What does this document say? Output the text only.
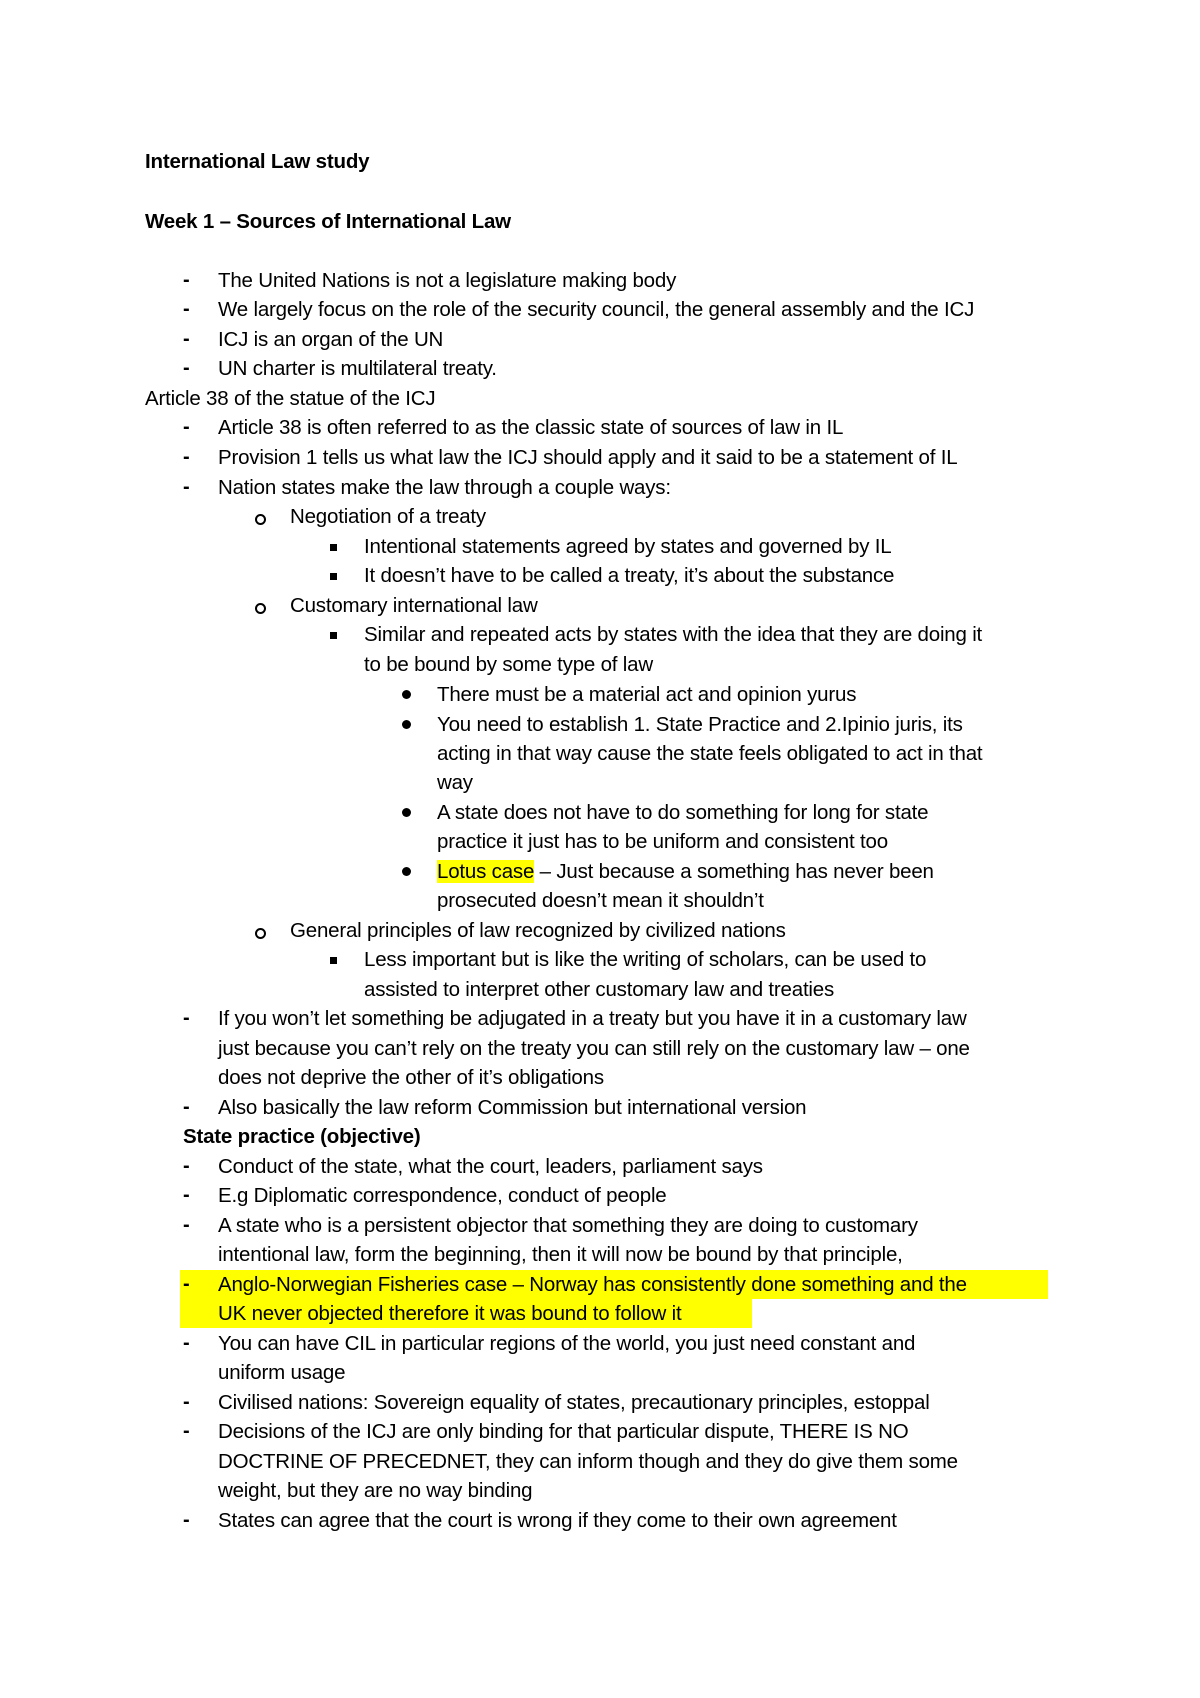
International Law study
Week 1 – Sources of International Law
- The United Nations is not a legislature making body
- We largely focus on the role of the security council, the general assembly and the ICJ
- ICJ is an organ of the UN
- UN charter is multilateral treaty.
Article 38 of the statue of the ICJ
- Article 38 is often referred to as the classic state of sources of law in IL
- Provision 1 tells us what law the ICJ should apply and it said to be a statement of IL
- Nation states make the law through a couple ways:
Negotiation of a treaty
Intentional statements agreed by states and governed by IL
It doesn’t have to be called a treaty, it’s about the substance
Customary international law
Similar and repeated acts by states with the idea that they are doing it
to be bound by some type of law
There must be a material act and opinion yurus
You need to establish 1. State Practice and 2.Ipinio juris, its
acting in that way cause the state feels obligated to act in that
way
A state does not have to do something for long for state
practice it just has to be uniform and consistent too
Lotus case – Just because a something has never been
prosecuted doesn’t mean it shouldn’t
General principles of law recognized by civilized nations
Less important but is like the writing of scholars, can be used to
assisted to interpret other customary law and treaties
- If you won’t let something be adjugated in a treaty but you have it in a customary law
just because you can’t rely on the treaty you can still rely on the customary law – one
does not deprive the other of it’s obligations
- Also basically the law reform Commission but international version
State practice (objective)
- Conduct of the state, what the court, leaders, parliament says
- E.g Diplomatic correspondence, conduct of people
- A state who is a persistent objector that something they are doing to customary
intentional law, form the beginning, then it will now be bound by that principle,
- Anglo-Norwegian Fisheries case – Norway has consistently done something and the
UK never objected therefore it was bound to follow it
- You can have CIL in particular regions of the world, you just need constant and
uniform usage
- Civilised nations: Sovereign equality of states, precautionary principles, estoppal
- Decisions of the ICJ are only binding for that particular dispute, THERE IS NO
DOCTRINE OF PRECEDNET, they can inform though and they do give them some
weight, but they are no way binding
- States can agree that the court is wrong if they come to their own agreement
